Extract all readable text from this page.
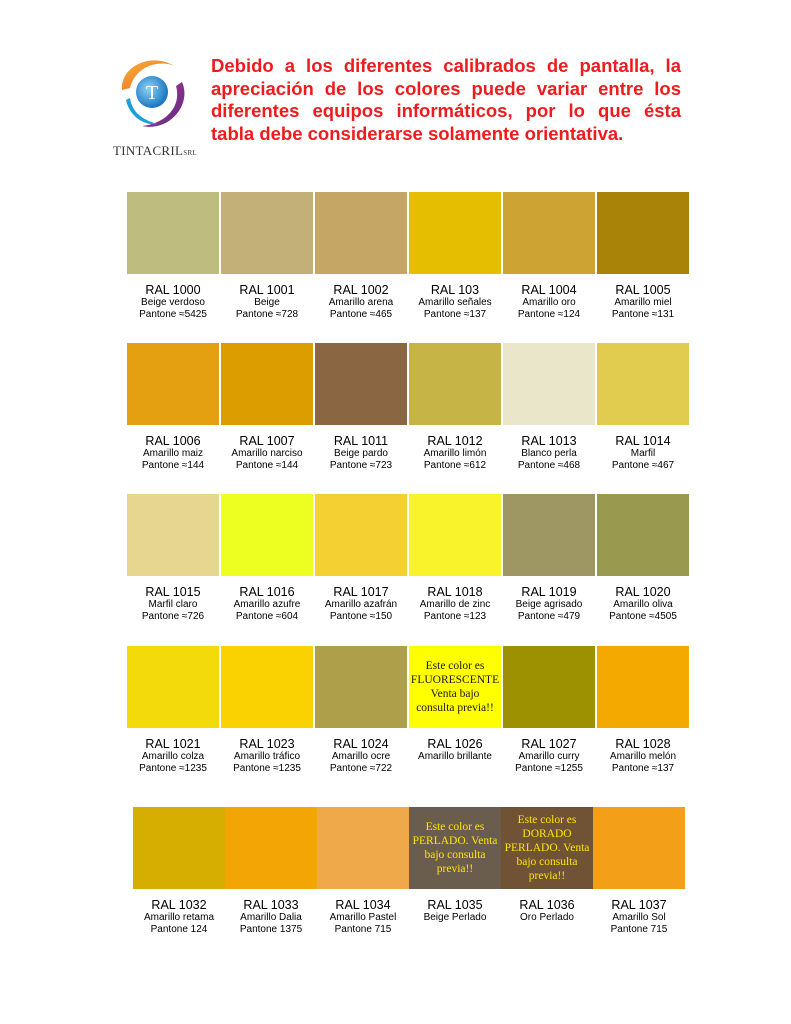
T
TINTACRILSRL
Debido a los diferentes calibrados de pantalla, la apreciación de los colores puede variar entre los diferentes equipos informáticos, por lo que ésta tabla debe considerarse solamente orientativa.
RAL 1000
Beige verdoso
Pantone ≈5425
RAL 1001
Beige
Pantone ≈728
RAL 1002
Amarillo arena
Pantone ≈465
RAL 103
Amarillo señales
Pantone ≈137
RAL 1004
Amarillo oro
Pantone ≈124
RAL 1005
Amarillo miel
Pantone ≈131
RAL 1006
Amarillo maiz
Pantone ≈144
RAL 1007
Amarillo narciso
Pantone ≈144
RAL 1011
Beige pardo
Pantone ≈723
RAL 1012
Amarillo limón
Pantone ≈612
RAL 1013
Blanco perla
Pantone ≈468
RAL 1014
Marfil
Pantone ≈467
RAL 1015
Marfil claro
Pantone ≈726
RAL 1016
Amarillo azufre
Pantone ≈604
RAL 1017
Amarillo azafrán
Pantone ≈150
RAL 1018
Amarillo de zinc
Pantone ≈123
RAL 1019
Beige agrisado
Pantone ≈479
RAL 1020
Amarillo oliva
Pantone ≈4505
RAL 1021
Amarillo colza
Pantone ≈1235
RAL 1023
Amarillo tráfico
Pantone ≈1235
RAL 1024
Amarillo ocre
Pantone ≈722
Este color es FLUORESCENTE Venta bajo consulta previa!!
RAL 1026
Amarillo brillante
RAL 1027
Amarillo curry
Pantone ≈1255
RAL 1028
Amarillo melón
Pantone ≈137
RAL 1032
Amarillo retama
Pantone 124
RAL 1033
Amarillo Dalia
Pantone 1375
RAL 1034
Amarillo Pastel
Pantone 715
Este color es PERLADO. Venta bajo consulta previa!!
RAL 1035
Beige Perlado
Este color es DORADO PERLADO. Venta bajo consulta previa!!
RAL 1036
Oro Perlado
RAL 1037
Amarillo Sol
Pantone 715
